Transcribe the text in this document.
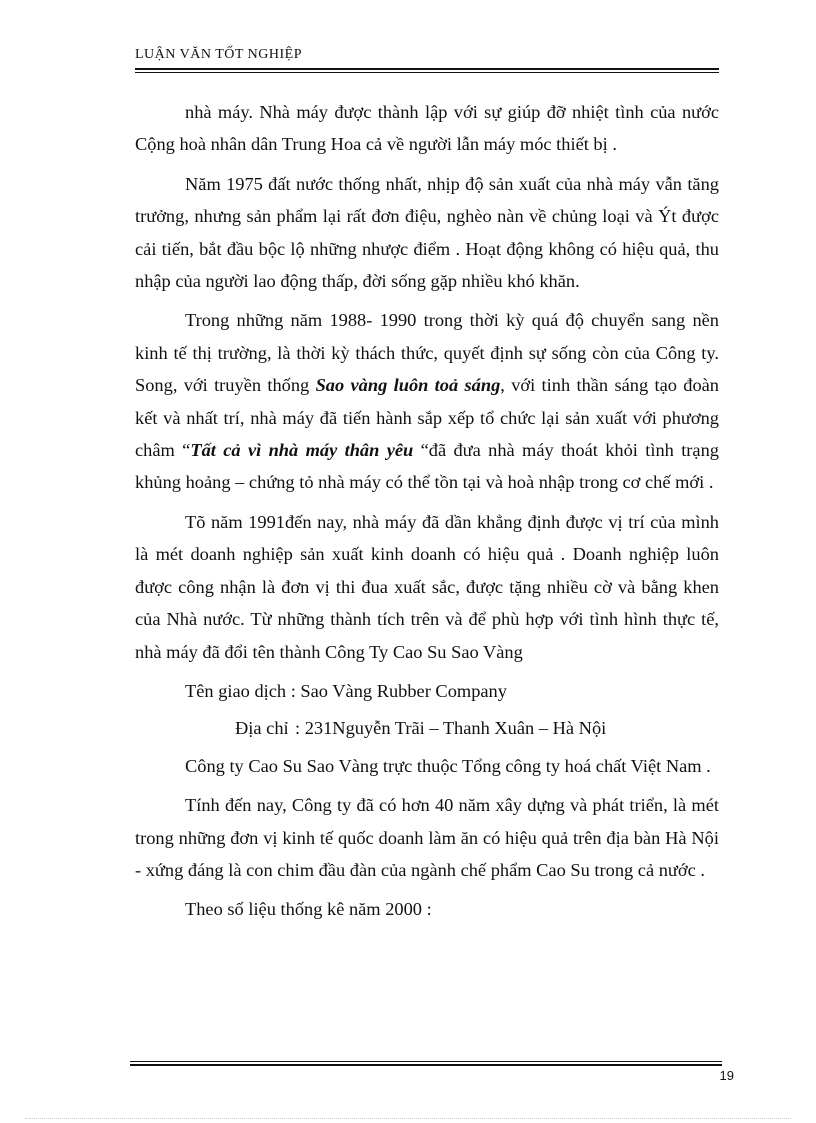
LUẬN VĂN TỐT NGHIỆP

nhà máy. Nhà máy được thành lập với sự giúp đỡ nhiệt tình của nước Cộng hoà nhân dân Trung Hoa cả về người lẫn máy móc thiết bị .

Năm 1975 đất nước thống nhất, nhịp độ sản xuất của nhà máy vẫn tăng trưởng, nhưng sản phẩm lại rất đơn điệu, nghèo nàn về chủng loại và Ýt được cải tiến, bắt đầu bộc lộ những nhược điểm . Hoạt động không có hiệu quả, thu nhập của người lao động thấp, đời sống gặp nhiều khó khăn.

Trong những năm 1988- 1990 trong thời kỳ quá độ chuyển sang nền kinh tế thị trường, là thời kỳ thách thức, quyết định sự sống còn của Công ty. Song, với truyền thống Sao vàng luôn toả sáng, với tinh thần sáng tạo đoàn kết và nhất trí, nhà máy đã tiến hành sắp xếp tổ chức lại sản xuất với phương châm “Tất cả vì nhà máy thân yêu “đã đưa nhà máy thoát khỏi tình trạng khủng hoảng – chứng tỏ nhà máy có thể tồn tại và hoà nhập trong cơ chế mới .

Tõ năm 1991đến nay, nhà máy đã dần khẳng định được vị trí của mình là mét doanh nghiệp sản xuất kinh doanh có hiệu quả . Doanh nghiệp luôn được công nhận là đơn vị thi đua xuất sắc, được tặng nhiều cờ và bằng khen của Nhà nước. Từ những thành tích trên và để phù hợp với tình hình thực tế, nhà máy đã đổi tên thành Công Ty Cao Su Sao Vàng

Tên giao dịch : Sao Vàng Rubber Company

Địa chỉ : 231Nguyễn Trãi – Thanh Xuân – Hà Nội

Công ty Cao Su Sao Vàng trực thuộc Tổng công ty hoá chất Việt Nam .

Tính đến nay, Công ty đã có hơn 40 năm xây dựng và phát triển, là mét trong những đơn vị kinh tế quốc doanh làm ăn có hiệu quả trên địa bàn Hà Nội - xứng đáng là con chim đầu đàn của ngành chế phẩm Cao Su trong cả nước .

Theo số liệu thống kê năm 2000 :

19
